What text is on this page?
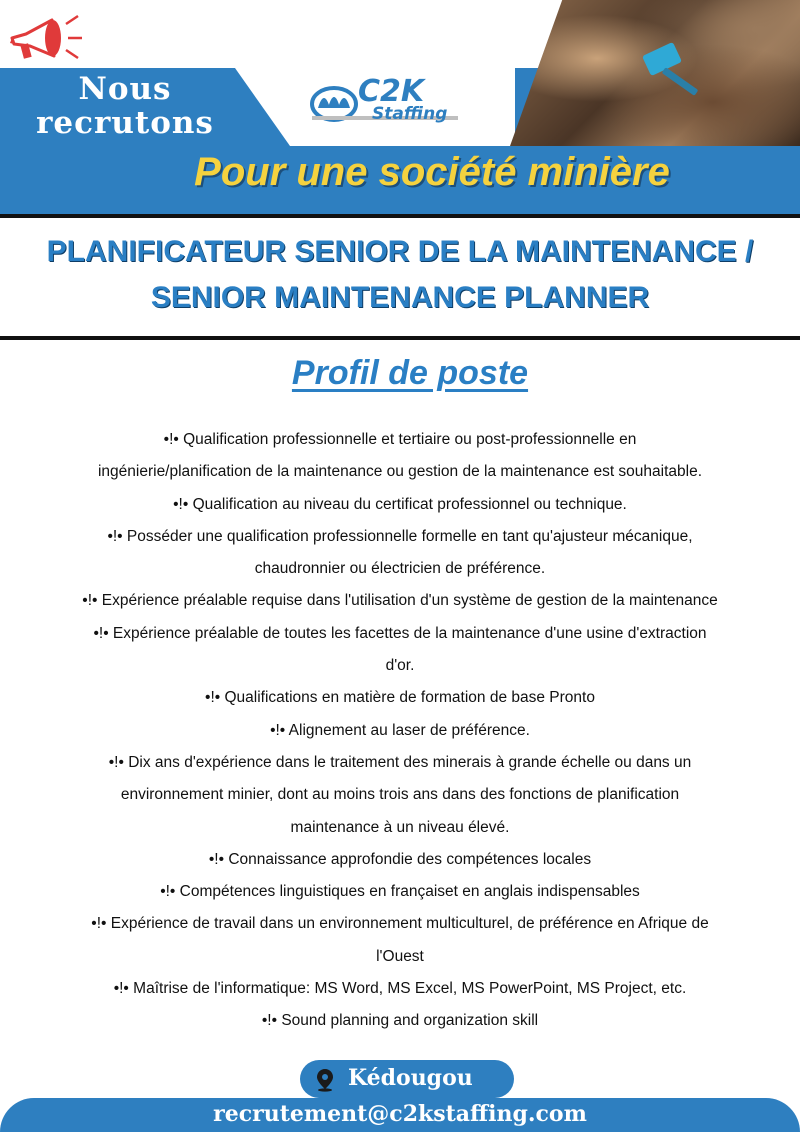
Nous
recrutons
C2K
Staffing
Pour une société minière
PLANIFICATEUR SENIOR DE LA MAINTENANCE /
SENIOR MAINTENANCE PLANNER
Profil de poste
•!• Qualification professionnelle et tertiaire ou post-professionnelle en
ingénierie/planification de la maintenance ou gestion de la maintenance est souhaitable.
•!• Qualification au niveau du certificat professionnel ou technique.
•!• Posséder une qualification professionnelle formelle en tant qu'ajusteur mécanique,
chaudronnier ou électricien de préférence.
•!• Expérience préalable requise dans l'utilisation d'un système de gestion de la maintenance
•!• Expérience préalable de toutes les facettes de la maintenance d'une usine d'extraction
d'or.
•!• Qualifications en matière de formation de base Pronto
•!• Alignement au laser de préférence.
•!• Dix ans d'expérience dans le traitement des minerais à grande échelle ou dans un
environnement minier, dont au moins trois ans dans des fonctions de planification
maintenance à un niveau élevé.
•!• Connaissance approfondie des compétences locales
•!• Compétences linguistiques en françaiset en anglais indispensables
•!• Expérience de travail dans un environnement multiculturel, de préférence en Afrique de
l'Ouest
•!• Maîtrise de l'informatique: MS Word, MS Excel, MS PowerPoint, MS Project, etc.
•!• Sound planning and organization skill
Kédougou
recrutement@c2kstaffing.com
